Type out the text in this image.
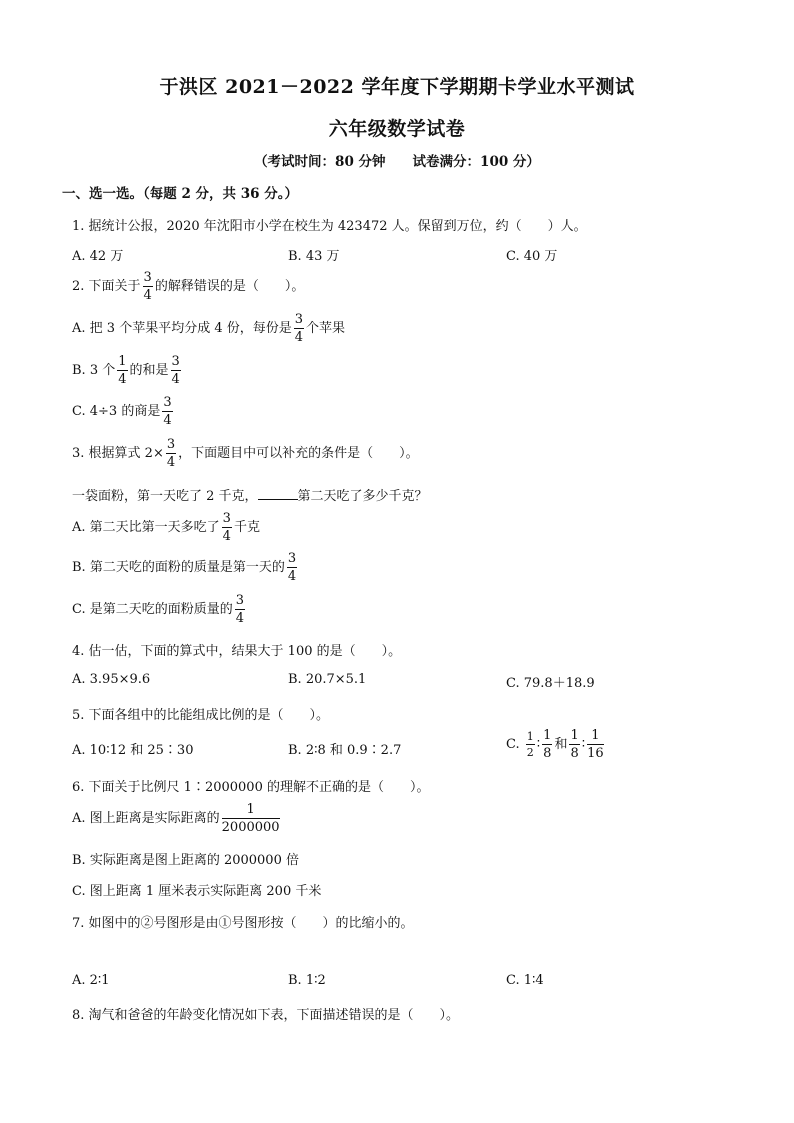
于洪区 2021－2022 学年度下学期期卡学业水平测试
六年级数学试卷
（考试时间：80 分钟　　试卷满分：100 分）
一、选一选。（每题 2 分，共 36 分。）
1. 据统计公报，2020 年沈阳市小学在校生为 423472 人。保留到万位，约（　　）人。
A. 42 万	B. 43 万	C. 40 万
2. 下面关于 $\frac{3}{4}$ 的解释错误的是（　　）。
A. 把 3 个苹果平均分成 4 份，每份是 $\frac{3}{4}$ 个苹果
B. 3 个 $\frac{1}{4}$ 的和是 $\frac{3}{4}$
C. 4÷3 的商是 $\frac{3}{4}$
3. 根据算式 $2\times \frac{3}{4}$ ，下面题目中可以补充的条件是（　　）。
一袋面粉，第一天吃了 2 千克，	第二天吃了多少千克？
A. 第二天比第一天多吃了 $\frac{3}{4}$ 千克
B. 第二天吃的面粉的质量是第一天的 $\frac{3}{4}$
C. 是第二天吃的面粉质量的 $\frac{3}{4}$
4. 估一估，下面的算式中，结果大于 100 的是（　　）。
A. 3.95×9.6	B. 20.7×5.1	C. 79.8＋18.9
5. 下面各组中的比能组成比例的是（　　）。
A. 10∶12 和 25∶30	B. 2∶8 和 0.9∶2.7	C. $\frac{1}{2}$ ∶ $\frac{1}{8}$ 和 $\frac{1}{8}$ ∶ $\frac{1}{16}$
6. 下面关于比例尺 1∶2000000 的理解不正确的是（　　）。
A. 图上距离是实际距离的 $\frac{1}{2000000}$
B. 实际距离是图上距离的 2000000 倍
C. 图上距离 1 厘米表示实际距离 200 千米
7. 如图中的②号图形是由①号图形按（　　）的比缩小的。
A. 2∶1	B. 1∶2	C. 1∶4
8. 淘气和爸爸的年龄变化情况如下表，下面描述错误的是（　　）。
